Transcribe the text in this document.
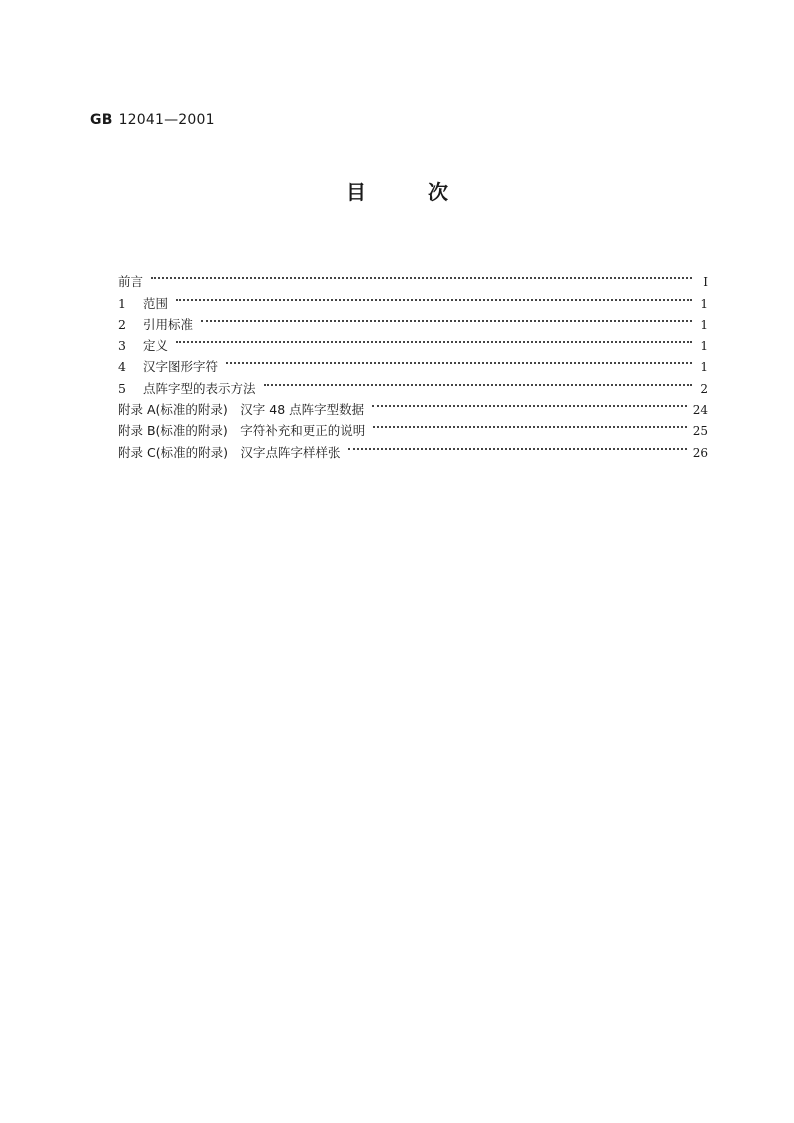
GB 12041—2001
目次
前言	I
1	范围	1
2	引用标准	1
3	定义	1
4	汉字图形字符	1
5	点阵字型的表示方法	2
附录 A(标准的附录)　汉字 48 点阵字型数据	24
附录 B(标准的附录)　字符补充和更正的说明	25
附录 C(标准的附录)　汉字点阵字样样张	26
